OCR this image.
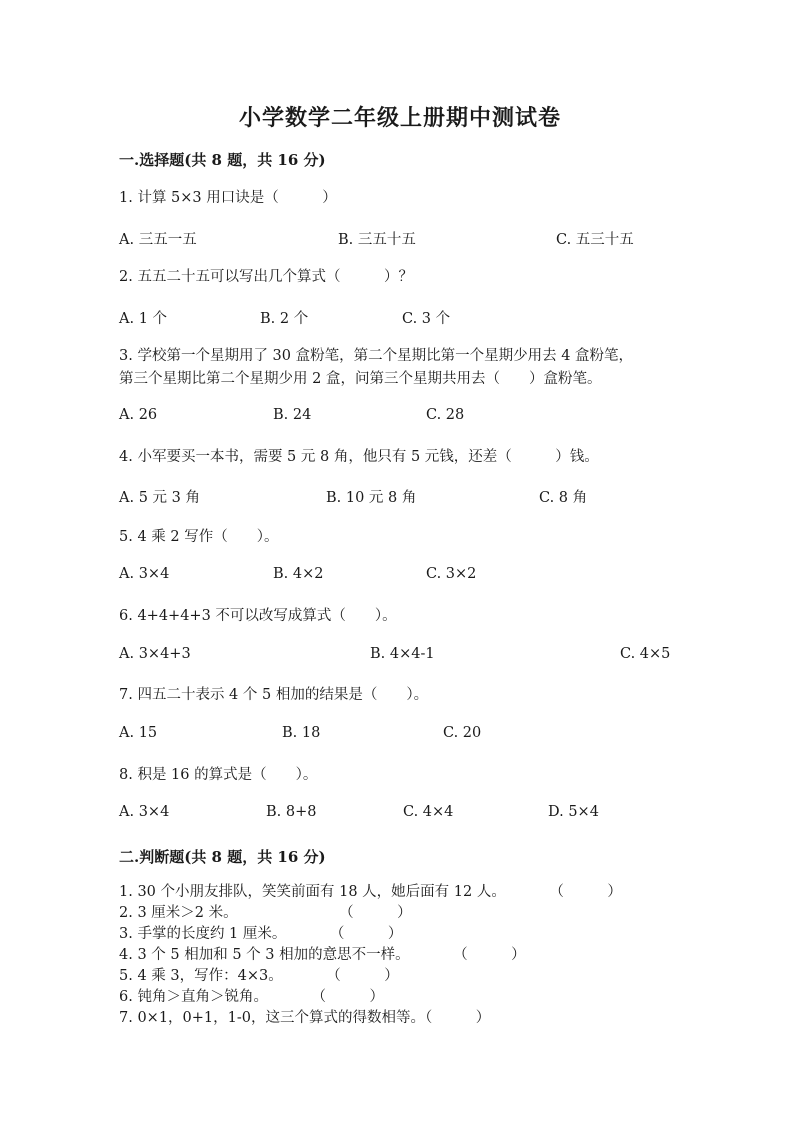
小学数学二年级上册期中测试卷
一.选择题(共 8 题，共 16 分)
1. 计算 5×3 用口诀是（　　　）
A. 三五一五	B. 三五十五	C. 五三十五
2. 五五二十五可以写出几个算式（　　　）？
A. 1 个	B. 2 个	C. 3 个
3. 学校第一个星期用了 30 盒粉笔，第二个星期比第一个星期少用去 4 盒粉笔，
第三个星期比第二个星期少用 2 盒，问第三个星期共用去（　　）盒粉笔。
A. 26	B. 24	C. 28
4. 小军要买一本书，需要 5 元 8 角，他只有 5 元钱，还差（　　　）钱。
A. 5 元 3 角	B. 10 元 8 角	C. 8 角
5. 4 乘 2 写作（　　）。
A. 3×4	B. 4×2	C. 3×2
6. 4+4+4+3 不可以改写成算式（　　）。
A. 3×4+3	B. 4×4-1	C. 4×5
7. 四五二十表示 4 个 5 相加的结果是（　　）。
A. 15	B. 18	C. 20
8. 积是 16 的算式是（　　）。
A. 3×4	B. 8+8	C. 4×4	D. 5×4
二.判断题(共 8 题，共 16 分)
1. 30 个小朋友排队，笑笑前面有 18 人，她后面有 12 人。　　　　（　　　）
2. 3 厘米＞2 米。　　　　　　　　（　　　）
3. 手掌的长度约 1 厘米。　　　　（　　　）
4. 3 个 5 相加和 5 个 3 相加的意思不一样。　　　　（　　　）
5. 4 乘 3，写作：4×3。　　　　（　　　）
6. 钝角＞直角＞锐角。　　　　（　　　）
7. 0×1，0+1，1-0，这三个算式的得数相等。（　　　）
